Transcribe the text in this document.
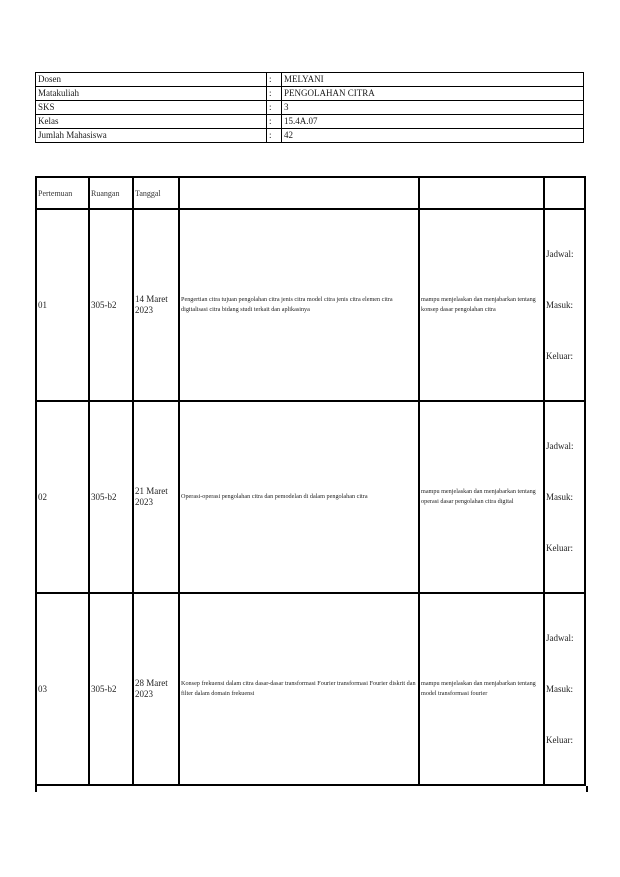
Dosen	:	MELYANI
Matakuliah	:	PENGOLAHAN CITRA
SKS	:	3
Kelas	:	15.4A.07
Jumlah Mahasiswa	:	42
Pertemuan	Ruangan	Tanggal			
01	305-b2	14 Maret 2023	Pengertian citra tujuan pengolahan citra jenis citra model citra jenis citra elemen citra digitalisasi citra bidang studi terkait dan aplikasinya	mampu menjelaskan dan menjabarkan tentang konsep dasar pengolahan citra	Jadwal:
Masuk:
Keluar:

02	305-b2	21 Maret 2023	Operasi-operasi pengolahan citra dan pemodelan di dalam pengolahan citra	mampu menjelaskan dan menjabarkan tentang operasi dasar pengolahan citra digital	Jadwal:
Masuk:
Keluar:

03	305-b2	28 Maret 2023	Konsep frekuensi dalam citra dasar-dasar transformasi Fourier transformasi Fourier diskrit dan filter dalam domain frekuensi	mampu menjelaskan dan menjabarkan tentang model transformasi fourier	Jadwal:
Masuk:
Keluar:
